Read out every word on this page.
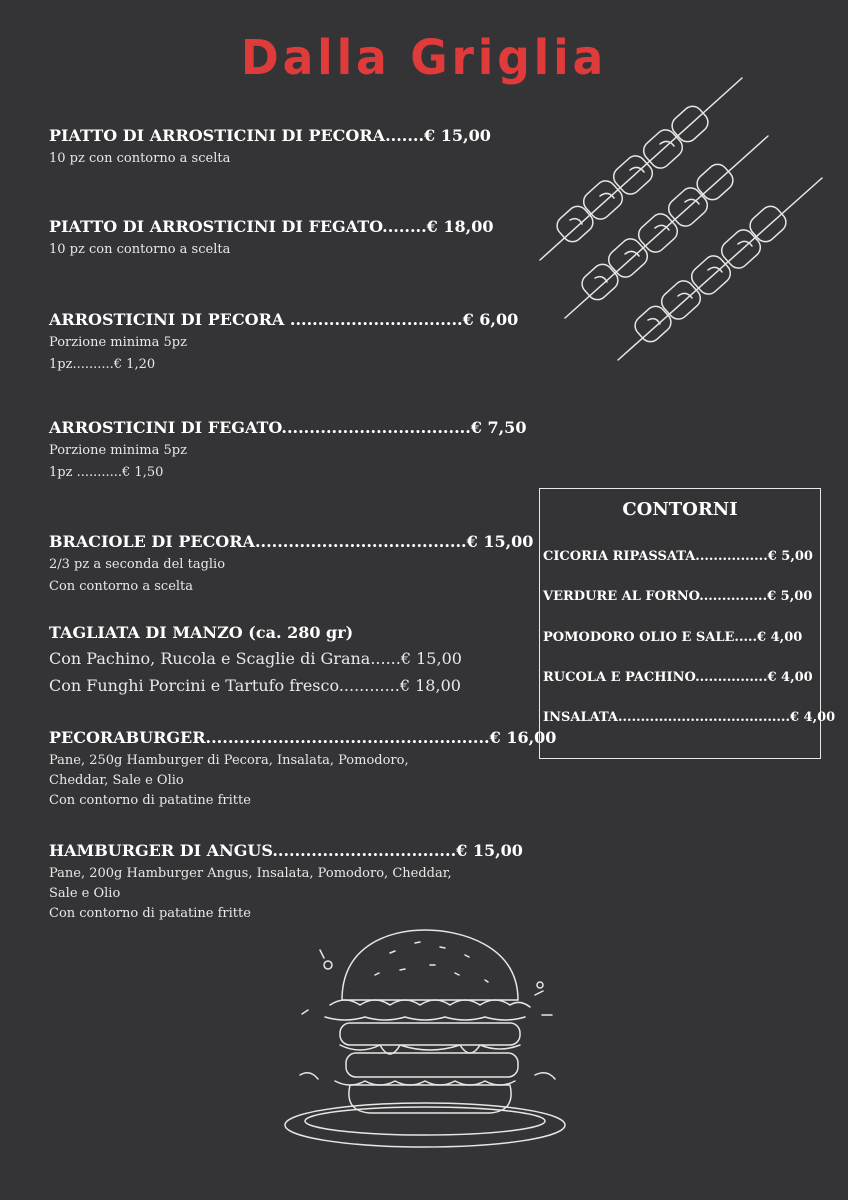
Dalla Griglia
PIATTO DI ARROSTICINI DI PECORA.......€ 15,00
10 pz con contorno a scelta
PIATTO DI ARROSTICINI DI FEGATO........€ 18,00
10 pz con contorno a scelta
ARROSTICINI DI PECORA ...............................€ 6,00
Porzione minima 5pz
1pz..........€ 1,20
ARROSTICINI DI FEGATO..................................€ 7,50
Porzione minima 5pz
1pz ...........€ 1,50
BRACIOLE DI PECORA......................................€ 15,00
2/3 pz a seconda del taglio
Con contorno a scelta
TAGLIATA DI MANZO (ca. 280 gr)
Con Pachino, Rucola e Scaglie di Grana......€ 15,00
Con Funghi Porcini e Tartufo fresco............€ 18,00
PECORABURGER...................................................€ 16,00
Pane, 250g Hamburger di Pecora, Insalata, Pomodoro,
Cheddar, Sale e Olio
Con contorno di patatine fritte
HAMBURGER DI ANGUS.................................€ 15,00
Pane, 200g Hamburger Angus, Insalata, Pomodoro, Cheddar,
Sale e Olio
Con contorno di patatine fritte
CONTORNI
CICORIA RIPASSATA................€ 5,00
VERDURE AL FORNO...............€ 5,00
POMODORO OLIO E SALE.....€ 4,00
RUCOLA E PACHINO................€ 4,00
INSALATA......................................€ 4,00
